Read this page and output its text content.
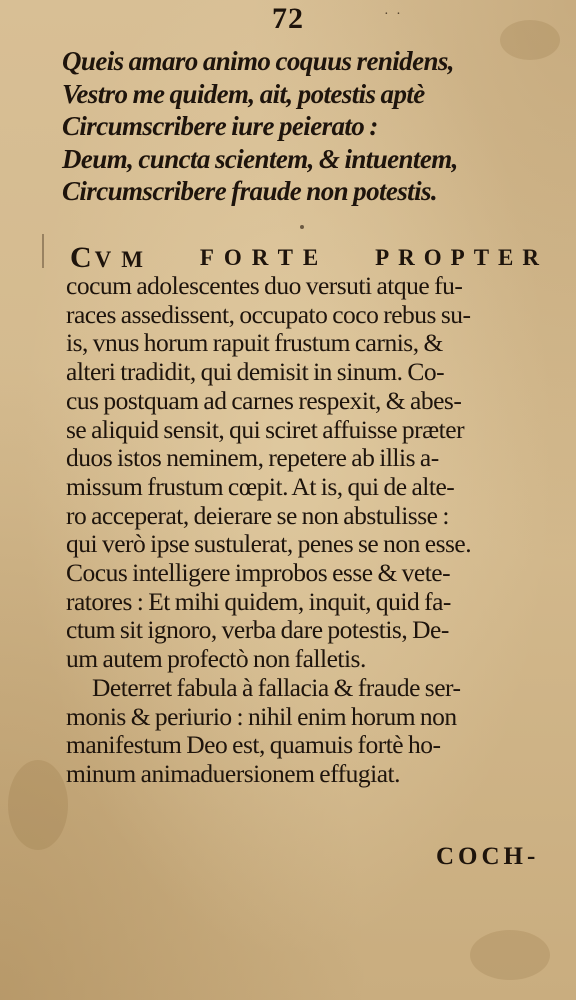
72	· ·
Queis amaro animo coquus renidens,
Vestro me quidem, ait, potestis aptè
Circumscribere iure peierato :
Deum, cuncta scientem, & intuentem,
Circumscribere fraude non potestis.
CVM FORTE PROPTER
cocum adolescentes duo versuti atque fu-
races assedissent, occupato coco rebus su-
is, vnus horum rapuit frustum carnis, &
alteri tradidit, qui demisit in sinum. Co-
cus postquam ad carnes respexit, & abes-
se aliquid sensit, qui sciret affuisse præter
duos istos neminem, repetere ab illis a-
missum frustum cœpit. At is, qui de alte-
ro acceperat, deierare se non abstulisse :
qui verò ipse sustulerat, penes se non esse.
Cocus intelligere improbos esse & vete-
ratores : Et mihi quidem, inquit, quid fa-
ctum sit ignoro, verba dare potestis, De-
um autem profectò non falletis.
Deterret fabula à fallacia & fraude ser-
monis & periurio : nihil enim horum non
manifestum Deo est, quamuis fortè ho-
minum animaduersionem effugiat.
COCH-
